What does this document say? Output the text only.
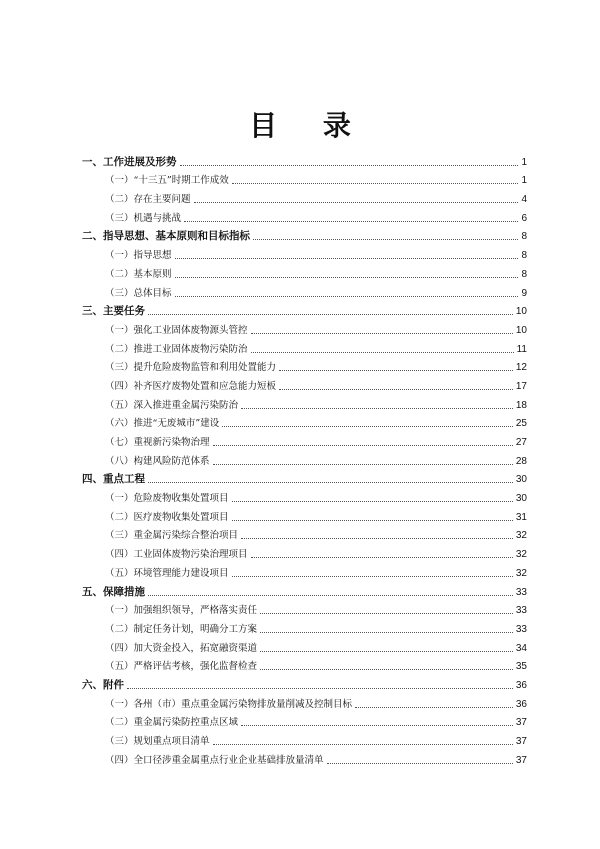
目 录
一、工作进展及形势	1
（一）“十三五”时期工作成效	1
（二）存在主要问题	4
（三）机遇与挑战	6
二、指导思想、基本原则和目标指标	8
（一）指导思想	8
（二）基本原则	8
（三）总体目标	9
三、主要任务	10
（一）强化工业固体废物源头管控	10
（二）推进工业固体废物污染防治	11
（三）提升危险废物监管和利用处置能力	12
（四）补齐医疗废物处置和应急能力短板	17
（五）深入推进重金属污染防治	18
（六）推进“无废城市”建设	25
（七）重视新污染物治理	27
（八）构建风险防范体系	28
四、重点工程	30
（一）危险废物收集处置项目	30
（二）医疗废物收集处置项目	31
（三）重金属污染综合整治项目	32
（四）工业固体废物污染治理项目	32
（五）环境管理能力建设项目	32
五、保障措施	33
（一）加强组织领导，严格落实责任	33
（二）制定任务计划，明确分工方案	33
（四）加大资金投入，拓宽融资渠道	34
（五）严格评估考核，强化监督检查	35
六、附件	36
（一）各州（市）重点重金属污染物排放量削减及控制目标	36
（二）重金属污染防控重点区域	37
（三）规划重点项目清单	37
（四）全口径涉重金属重点行业企业基础排放量清单	37
